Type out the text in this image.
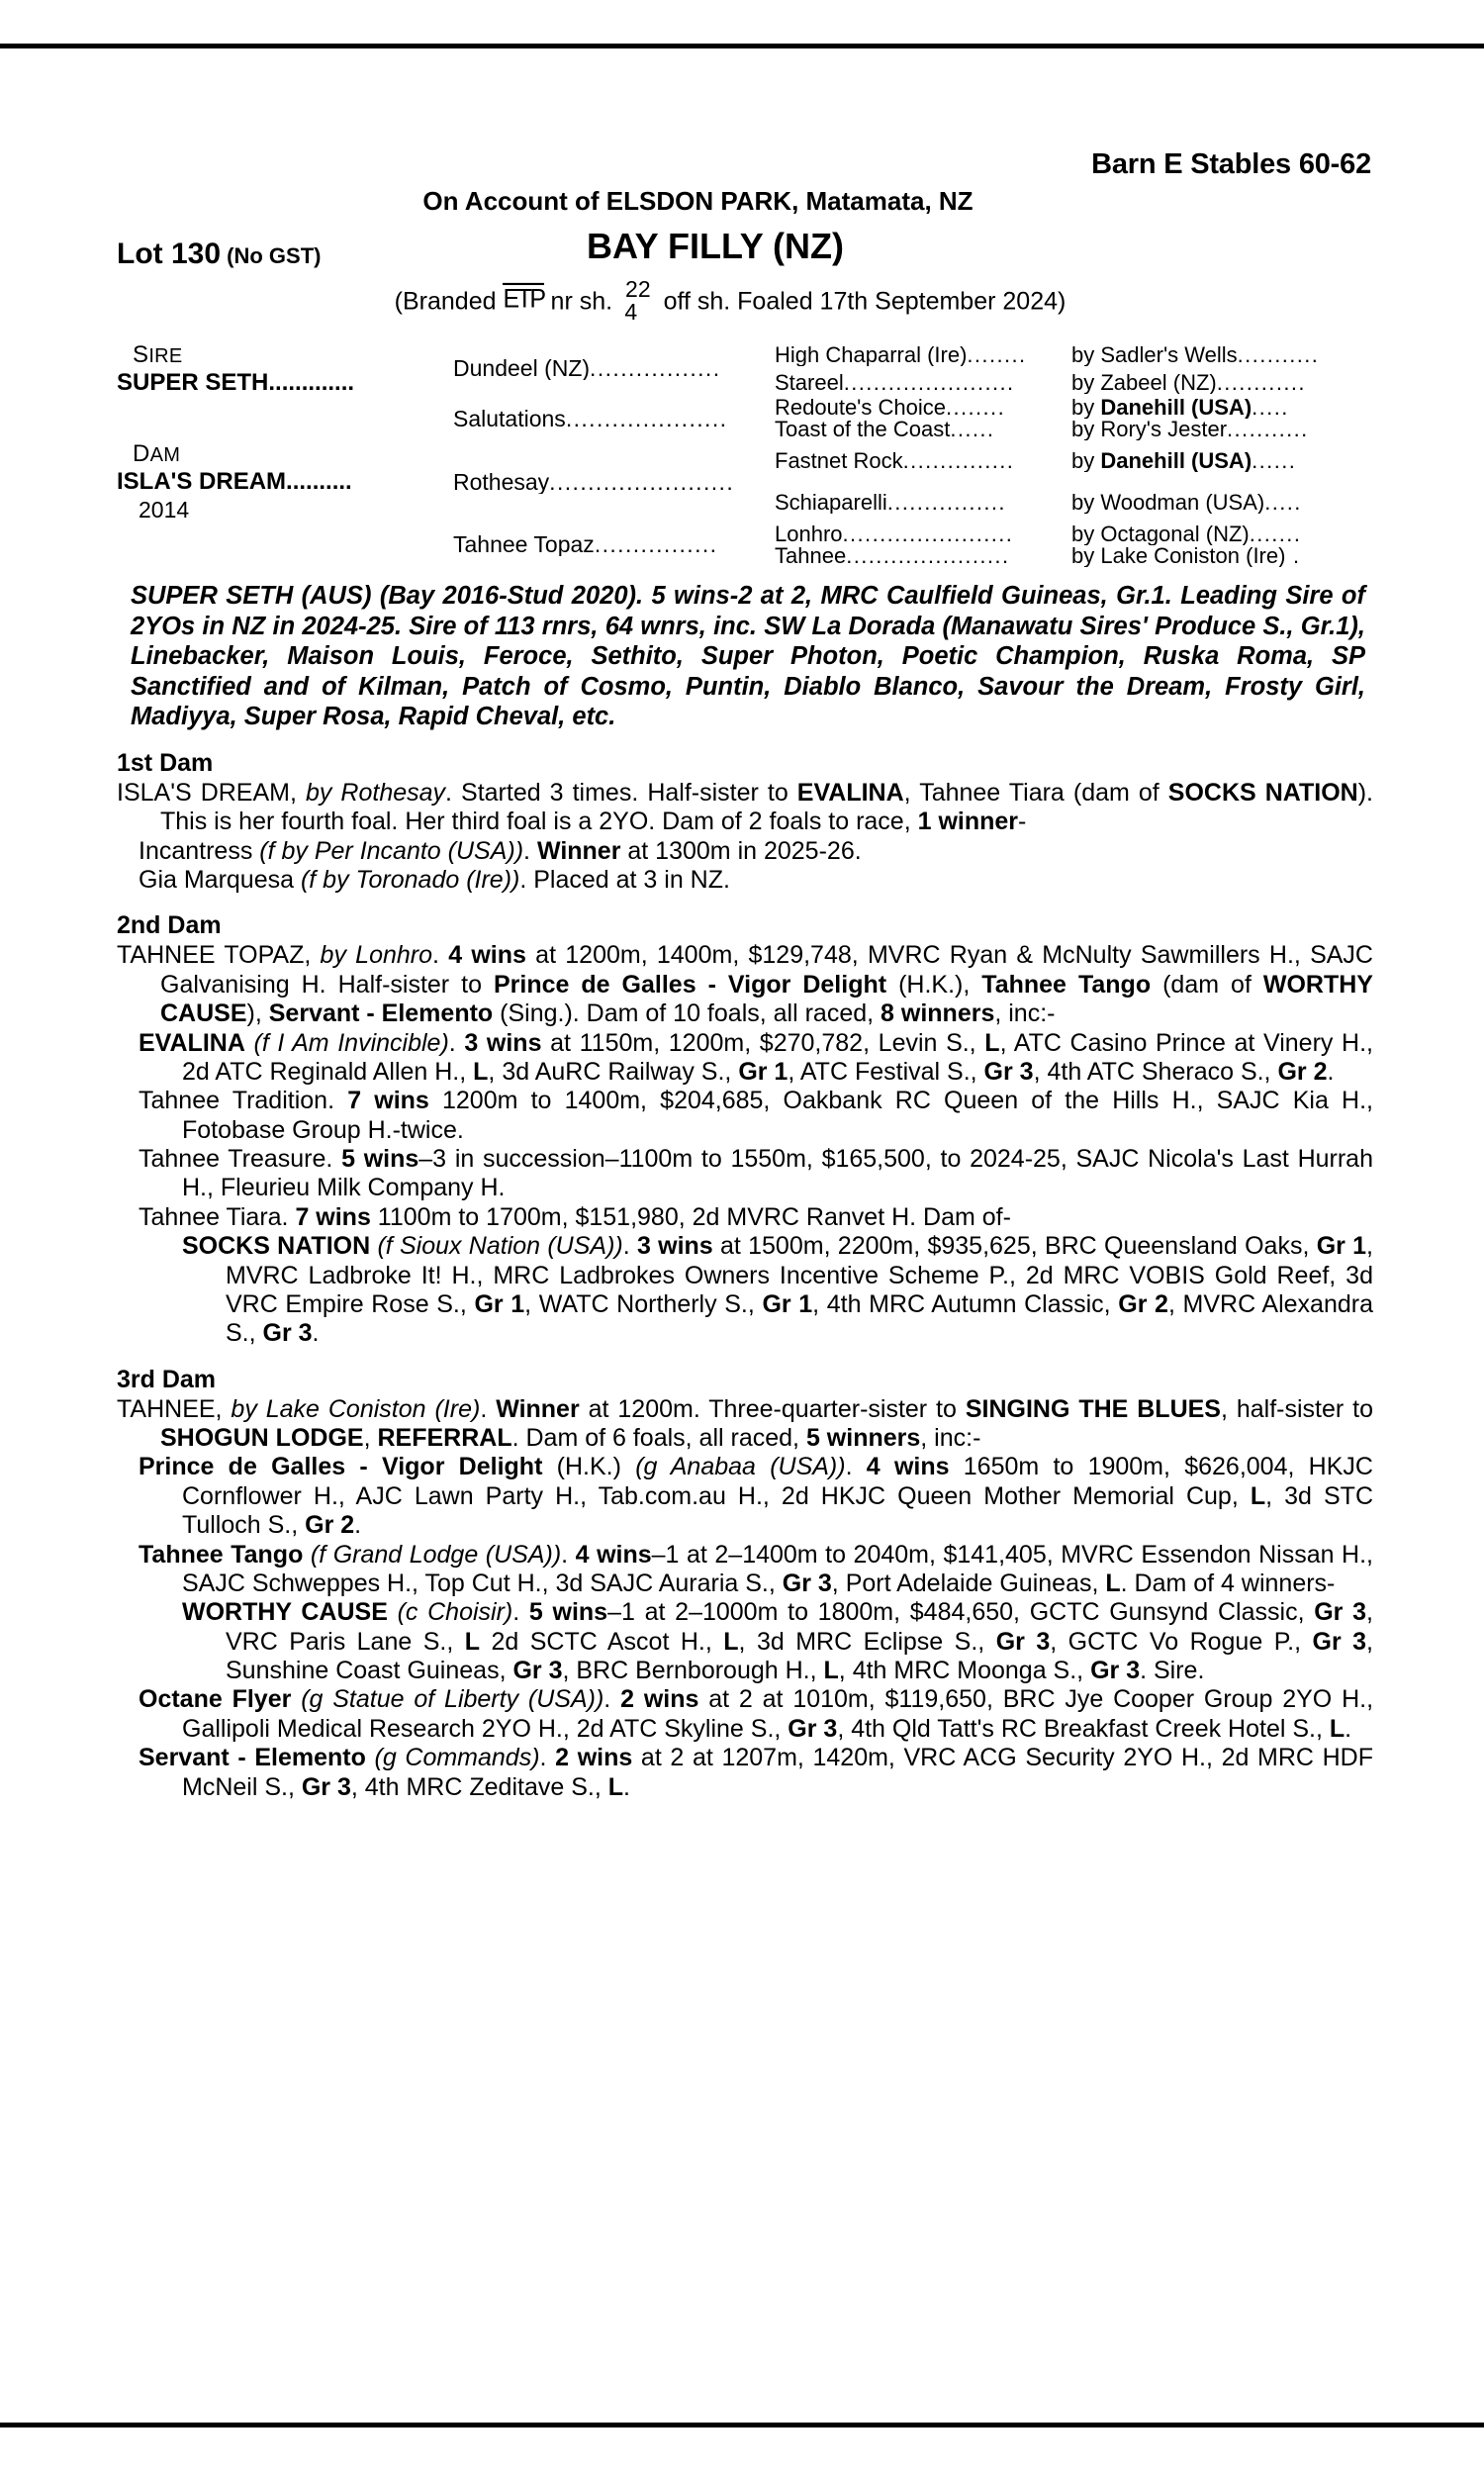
Barn E Stables 60-62
On Account of ELSDON PARK, Matamata, NZ
Lot 130 (No GST)	BAY FILLY (NZ)
(Branded ETP nr sh. 22
4	off sh. Foaled 17th September 2024)
SIRE
SUPER SETH.............	Dundeel (NZ).................	High Chaparral (Ire)........	by Sadler's Wells...........

		Stareel.......................	by Zabeel (NZ)............

	Salutations.....................	Redoute's Choice........	by Danehill (USA).....

		Toast of the Coast......	by Rory's Jester...........

DAM
ISLA'S DREAM..........
2014	Rothesay........................	Fastnet Rock...............	by Danehill (USA)......

		Schiaparelli................	by Woodman (USA).....

	Tahnee Topaz................	Lonhro.......................	by Octagonal (NZ).......

		Tahnee......................	by Lake Coniston (Ire) .
SUPER SETH (AUS) (Bay 2016-Stud 2020). 5 wins-2 at 2, MRC Caulfield Guineas, Gr.1. Leading Sire of 2YOs in NZ in 2024-25. Sire of 113 rnrs, 64 wnrs, inc. SW La Dorada (Manawatu Sires' Produce S., Gr.1), Linebacker, Maison Louis, Feroce, Sethito, Super Photon, Poetic Champion, Ruska Roma, SP Sanctified and of Kilman, Patch of Cosmo, Puntin, Diablo Blanco, Savour the Dream, Frosty Girl, Madiyya, Super Rosa, Rapid Cheval, etc.
1st Dam
ISLA'S DREAM, by Rothesay. Started 3 times. Half-sister to EVALINA, Tahnee Tiara (dam of SOCKS NATION). This is her fourth foal. Her third foal is a 2YO. Dam of 2 foals to race, 1 winner-
Incantress (f by Per Incanto (USA)). Winner at 1300m in 2025-26.
Gia Marquesa (f by Toronado (Ire)). Placed at 3 in NZ.
2nd Dam
TAHNEE TOPAZ, by Lonhro. 4 wins at 1200m, 1400m, $129,748, MVRC Ryan & McNulty Sawmillers H., SAJC Galvanising H. Half-sister to Prince de Galles - Vigor Delight (H.K.), Tahnee Tango (dam of WORTHY CAUSE), Servant - Elemento (Sing.). Dam of 10 foals, all raced, 8 winners, inc:-
EVALINA (f I Am Invincible). 3 wins at 1150m, 1200m, $270,782, Levin S., L, ATC Casino Prince at Vinery H., 2d ATC Reginald Allen H., L, 3d AuRC Railway S., Gr 1, ATC Festival S., Gr 3, 4th ATC Sheraco S., Gr 2.
Tahnee Tradition. 7 wins 1200m to 1400m, $204,685, Oakbank RC Queen of the Hills H., SAJC Kia H., Fotobase Group H.-twice.
Tahnee Treasure. 5 wins–3 in succession–1100m to 1550m, $165,500, to 2024-25, SAJC Nicola's Last Hurrah H., Fleurieu Milk Company H.
Tahnee Tiara. 7 wins 1100m to 1700m, $151,980, 2d MVRC Ranvet H. Dam of-
SOCKS NATION (f Sioux Nation (USA)). 3 wins at 1500m, 2200m, $935,625, BRC Queensland Oaks, Gr 1, MVRC Ladbroke It! H., MRC Ladbrokes Owners Incentive Scheme P., 2d MRC VOBIS Gold Reef, 3d VRC Empire Rose S., Gr 1, WATC Northerly S., Gr 1, 4th MRC Autumn Classic, Gr 2, MVRC Alexandra S., Gr 3.
3rd Dam
TAHNEE, by Lake Coniston (Ire). Winner at 1200m. Three-quarter-sister to SINGING THE BLUES, half-sister to SHOGUN LODGE, REFERRAL. Dam of 6 foals, all raced, 5 winners, inc:-
Prince de Galles - Vigor Delight (H.K.) (g Anabaa (USA)). 4 wins 1650m to 1900m, $626,004, HKJC Cornflower H., AJC Lawn Party H., Tab.com.au H., 2d HKJC Queen Mother Memorial Cup, L, 3d STC Tulloch S., Gr 2.
Tahnee Tango (f Grand Lodge (USA)). 4 wins–1 at 2–1400m to 2040m, $141,405, MVRC Essendon Nissan H., SAJC Schweppes H., Top Cut H., 3d SAJC Auraria S., Gr 3, Port Adelaide Guineas, L. Dam of 4 winners-
WORTHY CAUSE (c Choisir). 5 wins–1 at 2–1000m to 1800m, $484,650, GCTC Gunsynd Classic, Gr 3, VRC Paris Lane S., L 2d SCTC Ascot H., L, 3d MRC Eclipse S., Gr 3, GCTC Vo Rogue P., Gr 3, Sunshine Coast Guineas, Gr 3, BRC Bernborough H., L, 4th MRC Moonga S., Gr 3. Sire.
Octane Flyer (g Statue of Liberty (USA)). 2 wins at 2 at 1010m, $119,650, BRC Jye Cooper Group 2YO H., Gallipoli Medical Research 2YO H., 2d ATC Skyline S., Gr 3, 4th Qld Tatt's RC Breakfast Creek Hotel S., L.
Servant - Elemento (g Commands). 2 wins at 2 at 1207m, 1420m, VRC ACG Security 2YO H., 2d MRC HDF McNeil S., Gr 3, 4th MRC Zeditave S., L.
